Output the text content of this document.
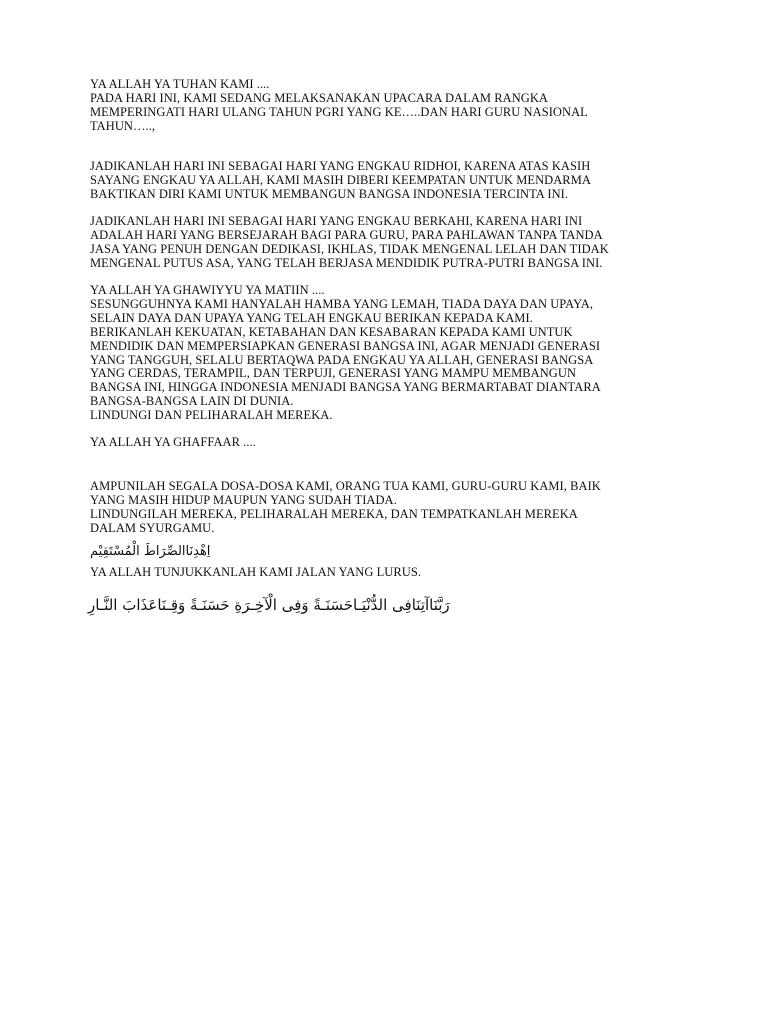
YA ALLAH YA TUHAN KAMI ....
PADA HARI INI, KAMI SEDANG MELAKSANAKAN UPACARA DALAM RANGKA
MEMPERINGATI HARI ULANG TAHUN PGRI YANG KE…..DAN HARI GURU NASIONAL
TAHUN…..,
JADIKANLAH HARI INI SEBAGAI HARI YANG ENGKAU RIDHOI, KARENA ATAS KASIH
SAYANG ENGKAU YA ALLAH, KAMI MASIH DIBERI KEEMPATAN UNTUK MENDARMA
BAKTIKAN DIRI KAMI UNTUK MEMBANGUN BANGSA INDONESIA TERCINTA INI.
JADIKANLAH HARI INI SEBAGAI HARI YANG ENGKAU BERKAHI, KARENA HARI INI
ADALAH HARI YANG BERSEJARAH BAGI PARA GURU, PARA PAHLAWAN TANPA TANDA
JASA YANG PENUH DENGAN DEDIKASI, IKHLAS, TIDAK MENGENAL LELAH DAN TIDAK
MENGENAL PUTUS ASA, YANG TELAH BERJASA MENDIDIK PUTRA-PUTRI BANGSA INI.
YA ALLAH YA GHAWIYYU YA MATIIN ....
SESUNGGUHNYA KAMI HANYALAH HAMBA YANG LEMAH, TIADA DAYA DAN UPAYA,
SELAIN DAYA DAN UPAYA YANG TELAH ENGKAU BERIKAN KEPADA KAMI.
BERIKANLAH KEKUATAN, KETABAHAN DAN KESABARAN KEPADA KAMI UNTUK
MENDIDIK DAN MEMPERSIAPKAN GENERASI BANGSA INI, AGAR MENJADI GENERASI
YANG TANGGUH, SELALU BERTAQWA PADA ENGKAU YA ALLAH, GENERASI BANGSA
YANG CERDAS, TERAMPIL, DAN TERPUJI, GENERASI YANG MAMPU MEMBANGUN
BANGSA INI, HINGGA INDONESIA MENJADI BANGSA YANG BERMARTABAT DIANTARA
BANGSA-BANGSA LAIN DI DUNIA.
LINDUNGI DAN PELIHARALAH MEREKA.
YA ALLAH YA GHAFFAAR ....
AMPUNILAH SEGALA DOSA-DOSA KAMI, ORANG TUA KAMI, GURU-GURU KAMI, BAIK
YANG MASIH HIDUP MAUPUN YANG SUDAH TIADA.
LINDUNGILAH MEREKA, PELIHARALAH MEREKA, DAN TEMPATKANLAH MEREKA
DALAM SYURGAMU.
اِهْدِنَاالصِّرَاطَ الْمُسْتَقِيْم
YA ALLAH TUNJUKKANLAH KAMI JALAN YANG LURUS.
رَبَّنَاآتِنَافِى الدُّنْيَـاحَسَنَـةً وَفِى الْآخِـرَةِ حَسَنَـةً وَقِـنَاعَذَابَ النَّـارِ
